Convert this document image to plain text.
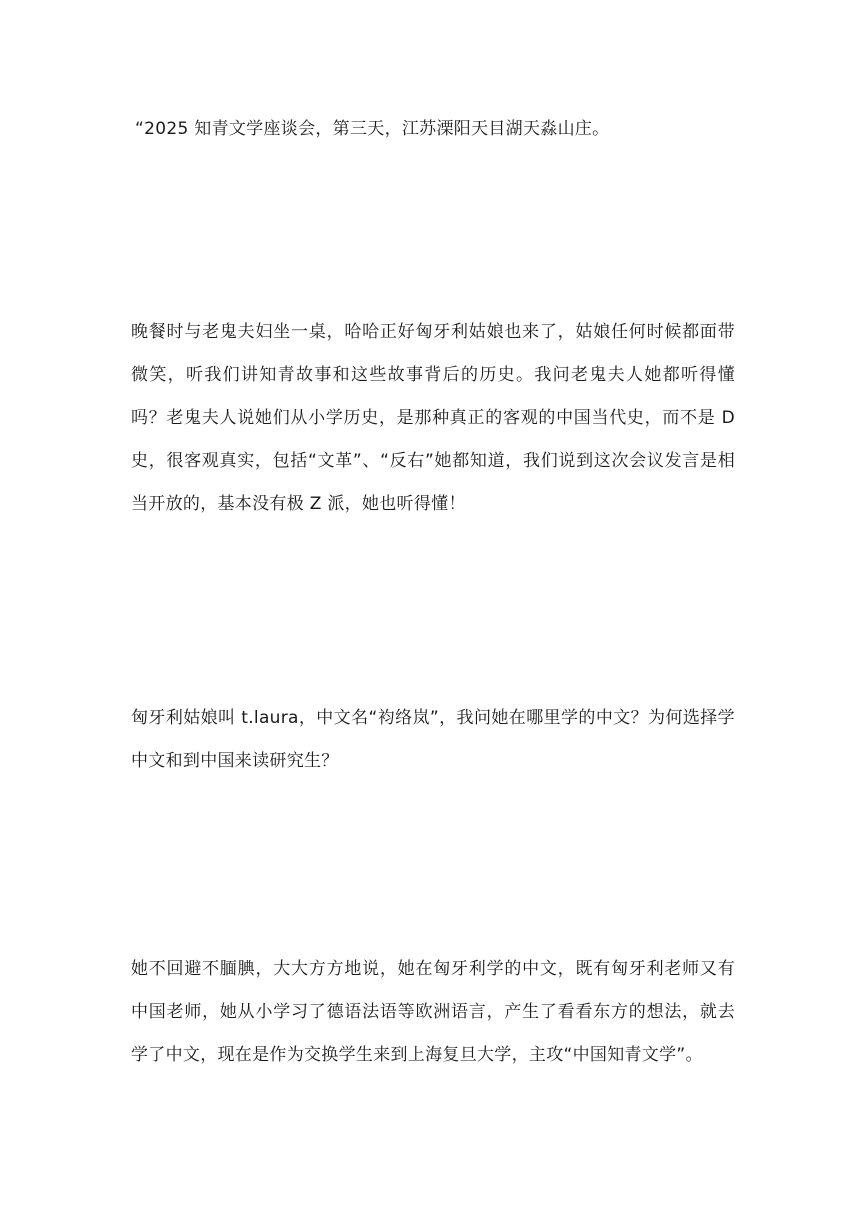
“2025 知青文学座谈会，第三天，江苏溧阳天目湖天淼山庄。

晚餐时与老鬼夫妇坐一桌，哈哈正好匈牙利姑娘也来了，姑娘任何时候都面带微笑，听我们讲知青故事和这些故事背后的历史。我问老鬼夫人她都听得懂吗？老鬼夫人说她们从小学历史，是那种真正的客观的中国当代史，而不是 D 史，很客观真实，包括“文革”、“反右”她都知道，我们说到这次会议发言是相当开放的，基本没有极 Z 派，她也听得懂！

匈牙利姑娘叫 t.laura，中文名“袀络岚”，我问她在哪里学的中文？为何选择学中文和到中国来读研究生？

她不回避不腼腆，大大方方地说，她在匈牙利学的中文，既有匈牙利老师又有中国老师，她从小学习了德语法语等欧洲语言，产生了看看东方的想法，就去学了中文，现在是作为交换学生来到上海复旦大学，主攻“中国知青文学”。
